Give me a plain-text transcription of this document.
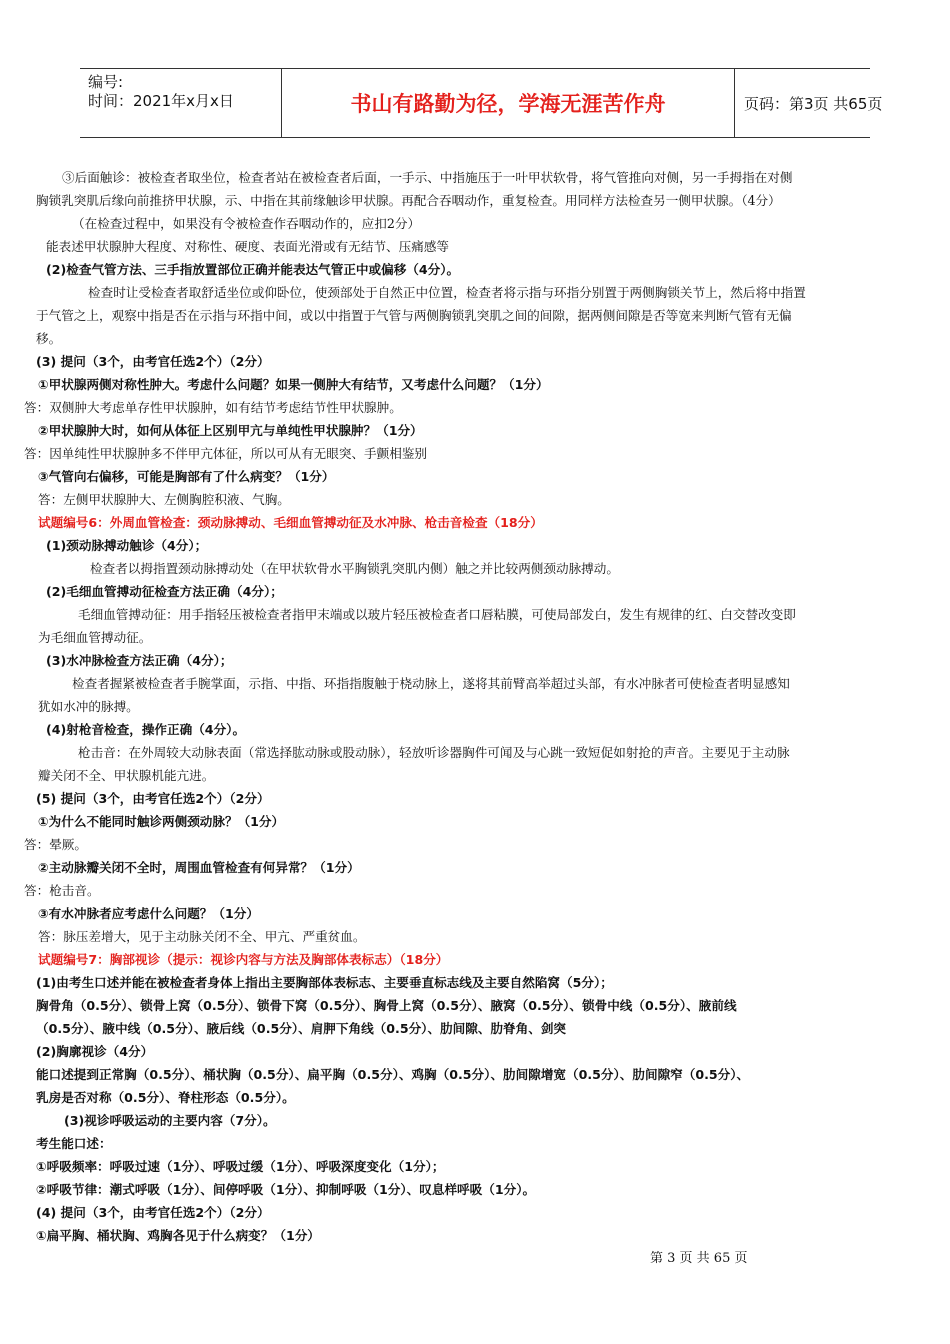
编号:
时间：2021年x月x日	书山有路勤为径，学海无涯苦作舟	页码：第3页 共65页
③后面触诊：被检查者取坐位，检查者站在被检查者后面，一手示、中指施压于一叶甲状软骨，将气管推向对侧，另一手拇指在对侧
胸锁乳突肌后缘向前推挤甲状腺，示、中指在其前缘触诊甲状腺。再配合吞咽动作，重复检查。用同样方法检查另一侧甲状腺。（4分）
（在检查过程中，如果没有令被检查作吞咽动作的，应扣2分）
能表述甲状腺肿大程度、对称性、硬度、表面光滑或有无结节、压痛感等
(2)检查气管方法、三手指放置部位正确并能表达气管正中或偏移（4分）。
检查时让受检查者取舒适坐位或仰卧位，使颈部处于自然正中位置，检查者将示指与环指分别置于两侧胸锁关节上，然后将中指置
于气管之上，观察中指是否在示指与环指中间，或以中指置于气管与两侧胸锁乳突肌之间的间隙，据两侧间隙是否等宽来判断气管有无偏
移。
(3) 提问（3个，由考官任选2个）（2分）
①甲状腺两侧对称性肿大。考虑什么问题？如果一侧肿大有结节，又考虑什么问题？（1分）
答：双侧肿大考虑单存性甲状腺肿，如有结节考虑结节性甲状腺肿。
②甲状腺肿大时，如何从体征上区别甲亢与单纯性甲状腺肿？（1分）
答：因单纯性甲状腺肿多不伴甲亢体征，所以可从有无眼突、手颤相鉴别
③气管向右偏移，可能是胸部有了什么病变？（1分）
答：左侧甲状腺肿大、左侧胸腔积液、气胸。
试题编号6：外周血管检查：颈动脉搏动、毛细血管搏动征及水冲脉、枪击音检查（18分）
(1)颈动脉搏动触诊（4分）；
检查者以拇指置颈动脉搏动处（在甲状软骨水平胸锁乳突肌内侧）触之并比较两侧颈动脉搏动。
(2)毛细血管搏动征检查方法正确（4分）；
毛细血管搏动征：用手指轻压被检查者指甲末端或以玻片轻压被检查者口唇粘膜，可使局部发白，发生有规律的红、白交替改变即
为毛细血管搏动征。
(3)水冲脉检查方法正确（4分）；
检查者握紧被检查者手腕掌面，示指、中指、环指指腹触于桡动脉上，遂将其前臂高举超过头部，有水冲脉者可使检查者明显感知
犹如水冲的脉搏。
(4)射枪音检查，操作正确（4分）。
枪击音：在外周较大动脉表面（常选择肱动脉或股动脉），轻放听诊器胸件可闻及与心跳一致短促如射抢的声音。主要见于主动脉
瓣关闭不全、甲状腺机能亢进。
(5) 提问（3个，由考官任选2个）（2分）
①为什么不能同时触诊两侧颈动脉？（1分）
答：晕厥。
②主动脉瓣关闭不全时，周围血管检查有何异常？（1分）
答：枪击音。
③有水冲脉者应考虑什么问题？（1分）
答：脉压差增大，见于主动脉关闭不全、甲亢、严重贫血。
试题编号7：胸部视诊（提示：视诊内容与方法及胸部体表标志）（18分）
(1)由考生口述并能在被检查者身体上指出主要胸部体表标志、主要垂直标志线及主要自然陷窝（5分）；
胸骨角（0.5分）、锁骨上窝（0.5分）、锁骨下窝（0.5分）、胸骨上窝（0.5分）、腋窝（0.5分）、锁骨中线（0.5分）、腋前线
（0.5分）、腋中线（0.5分）、腋后线（0.5分）、肩胛下角线（0.5分）、肋间隙、肋脊角、剑突
(2)胸廓视诊（4分）
能口述提到正常胸（0.5分）、桶状胸（0.5分）、扁平胸（0.5分）、鸡胸（0.5分）、肋间隙增宽（0.5分）、肋间隙窄（0.5分）、
乳房是否对称（0.5分）、脊柱形态（0.5分）。
(3)视诊呼吸运动的主要内容（7分）。
考生能口述：
①呼吸频率：呼吸过速（1分）、呼吸过缓（1分）、呼吸深度变化（1分）；
②呼吸节律：潮式呼吸（1分）、间停呼吸（1分）、抑制呼吸（1分）、叹息样呼吸（1分）。
(4) 提问（3个，由考官任选2个）（2分）
①扁平胸、桶状胸、鸡胸各见于什么病变？（1分）
第 3 页 共 65 页
